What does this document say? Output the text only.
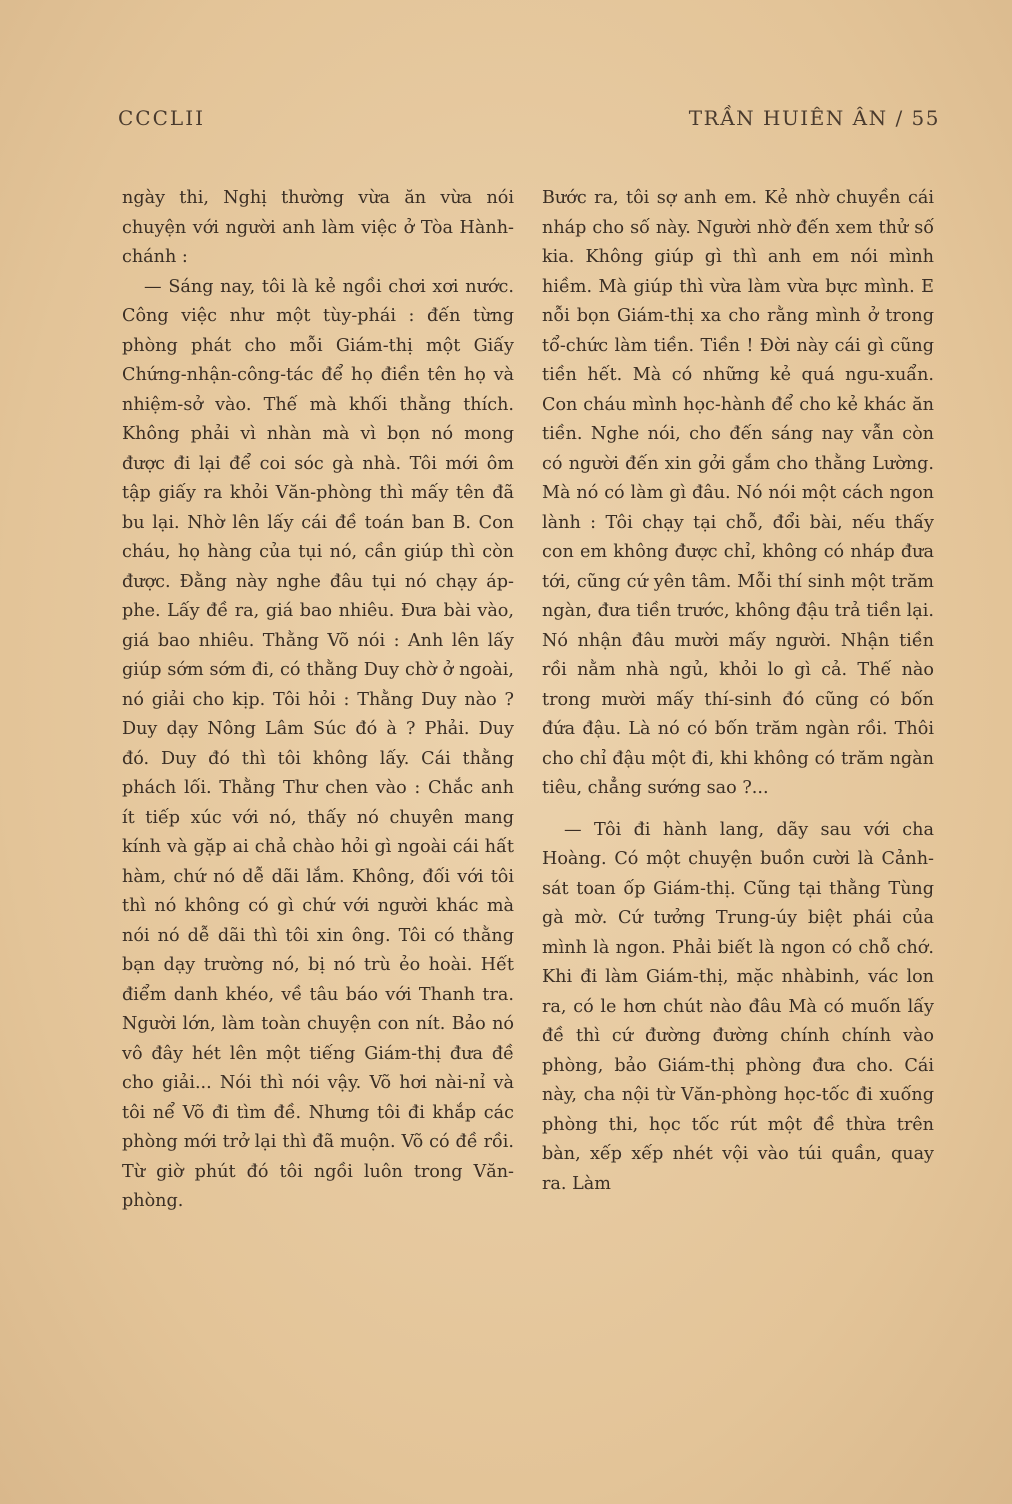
CCCLII	TRẦN HUIÊN ÂN / 55

ngày thi, Nghị thường vừa ăn vừa nói chuyện với người anh làm việc ở Tòa Hành-chánh :

— Sáng nay, tôi là kẻ ngồi chơi xơi nước. Công việc như một tùy-phái : đến từng phòng phát cho mỗi Giám-thị một Giấy Chứng-nhận-công-tác để họ điền tên họ và nhiệm-sở vào. Thế mà khối thằng thích. Không phải vì nhàn mà vì bọn nó mong được đi lại để coi sóc gà nhà. Tôi mới ôm tập giấy ra khỏi Văn-phòng thì mấy tên đã bu lại. Nhờ lên lấy cái đề toán ban B. Con cháu, họ hàng của tụi nó, cần giúp thì còn được. Đằng này nghe đâu tụi nó chạy áp-phe. Lấy đề ra, giá bao nhiêu. Đưa bài vào, giá bao nhiêu. Thằng Võ nói : Anh lên lấy giúp sớm sớm đi, có thằng Duy chờ ở ngoài, nó giải cho kịp. Tôi hỏi : Thằng Duy nào ? Duy dạy Nông Lâm Súc đó à ? Phải. Duy đó. Duy đó thì tôi không lấy. Cái thằng phách lối. Thằng Thư chen vào : Chắc anh ít tiếp xúc với nó, thấy nó chuyên mang kính và gặp ai chả chào hỏi gì ngoài cái hất hàm, chứ nó dễ dãi lắm. Không, đối với tôi thì nó không có gì chứ với người khác mà nói nó dễ dãi thì tôi xin ông. Tôi có thằng bạn dạy trường nó, bị nó trù ẻo hoài. Hết điểm danh khéo, về tâu báo với Thanh tra. Người lớn, làm toàn chuyện con nít. Bảo nó vô đây hét lên một tiếng Giám-thị đưa đề cho giải... Nói thì nói vậy. Võ hơi nài-nỉ và tôi nể Võ đi tìm đề. Nhưng tôi đi khắp các phòng mới trở lại thì đã muộn. Võ có đề rồi. Từ giờ phút đó tôi ngồi luôn trong Văn-phòng.

Bước ra, tôi sợ anh em. Kẻ nhờ chuyền cái nháp cho số này. Người nhờ đến xem thử số kia. Không giúp gì thì anh em nói mình hiềm. Mà giúp thì vừa làm vừa bực mình. E nỗi bọn Giám-thị xa cho rằng mình ở trong tổ-chức làm tiền. Tiền ! Đời này cái gì cũng tiền hết. Mà có những kẻ quá ngu-xuẩn. Con cháu mình học-hành để cho kẻ khác ăn tiền. Nghe nói, cho đến sáng nay vẫn còn có người đến xin gởi gắm cho thằng Lường. Mà nó có làm gì đâu. Nó nói một cách ngon lành : Tôi chạy tại chỗ, đổi bài, nếu thấy con em không được chỉ, không có nháp đưa tới, cũng cứ yên tâm. Mỗi thí sinh một trăm ngàn, đưa tiền trước, không đậu trả tiền lại. Nó nhận đâu mười mấy người. Nhận tiền rồi nằm nhà ngủ, khỏi lo gì cả. Thế nào trong mười mấy thí-sinh đó cũng có bốn đứa đậu. Là nó có bốn trăm ngàn rồi. Thôi cho chỉ đậu một đi, khi không có trăm ngàn tiêu, chẳng sướng sao ?...

— Tôi đi hành lang, dãy sau với cha Hoàng. Có một chuyện buồn cười là Cảnh-sát toan ốp Giám-thị. Cũng tại thằng Tùng gà mờ. Cứ tưởng Trung-úy biệt phái của mình là ngon. Phải biết là ngon có chỗ chớ. Khi đi làm Giám-thị, mặc nhàbinh, vác lon ra, có le hơn chút nào đâu Mà có muốn lấy đề thì cứ đường đường chính chính vào phòng, bảo Giám-thị phòng đưa cho. Cái này, cha nội từ Văn-phòng học-tốc đi xuống phòng thi, học tốc rút một đề thừa trên bàn, xếp xếp nhét vội vào túi quần, quay ra. Làm
